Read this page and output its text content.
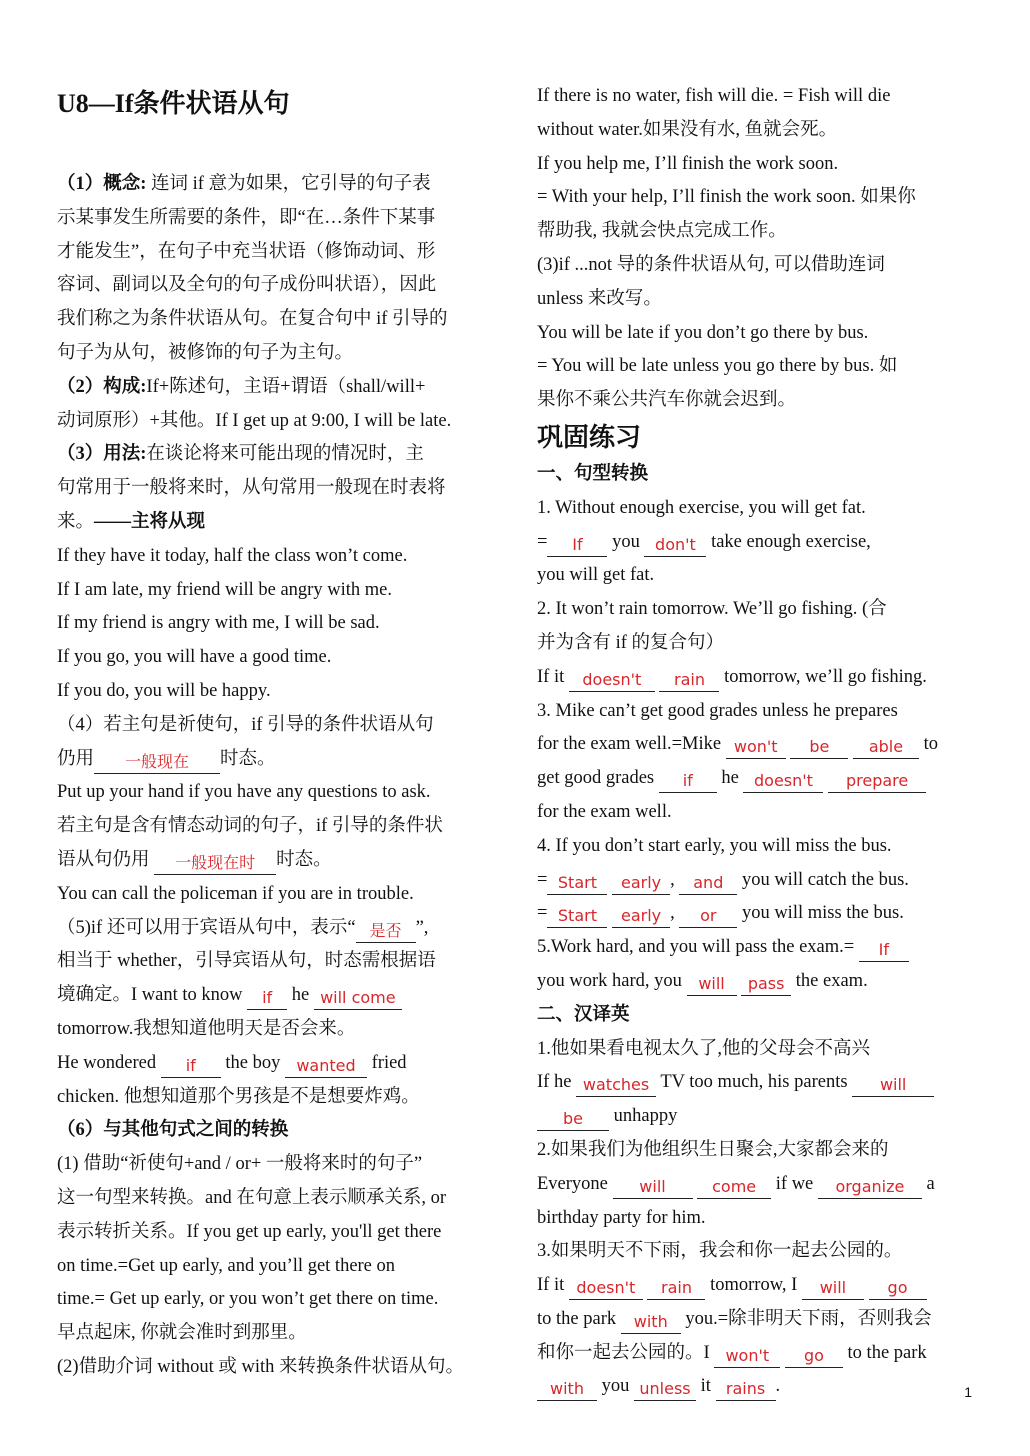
U8—If条件状语从句
（1）概念: 连词 if 意为如果，它引导的句子表
示某事发生所需要的条件，即“在…条件下某事
才能发生”，在句子中充当状语（修饰动词、形
容词、副词以及全句的句子成份叫状语），因此
我们称之为条件状语从句。在复合句中 if 引导的
句子为从句，被修饰的句子为主句。
（2）构成:If+陈述句，主语+谓语（shall/will+
动词原形）+其他。If I get up at 9:00, I will be late.
（3）用法:在谈论将来可能出现的情况时，主
句常用于一般将来时，从句常用一般现在时表将
来。——主将从现
If they have it today, half the class won’t come.
If I am late, my friend will be angry with me.
If my friend is angry with me, I will be sad.
If you go, you will have a good time.
If you do, you will be happy.
（4）若主句是祈使句，if 引导的条件状语从句
仍用 一般现在 时态。
Put up your hand if you have any questions to ask.
若主句是含有情态动词的句子，if 引导的条件状
语从句仍用 一般现在时 时态。
You can call the policeman if you are in trouble.
（5)if 还可以用于宾语从句中，表示“ 是否 ”,
相当于 whether，引导宾语从句，时态需根据语
境确定。I want to know if he will come
tomorrow.我想知道他明天是否会来。
He wondered if the boy wanted fried
chicken. 他想知道那个男孩是不是想要炸鸡。
（6）与其他句式之间的转换
(1) 借助“祈使句+and / or+ 一般将来时的句子”
这一句型来转换。and 在句意上表示顺承关系, or
表示转折关系。If you get up early, you'll get there
on time.=Get up early, and you’ll get there on
time.= Get up early, or you won’t get there on time.
早点起床, 你就会准时到那里。
(2)借助介词 without 或 with 来转换条件状语从句。
If there is no water, fish will die. = Fish will die
without water.如果没有水, 鱼就会死。
If you help me, I’ll finish the work soon.
= With your help, I’ll finish the work soon. 如果你
帮助我, 我就会快点完成工作。
(3)if ...not 导的条件状语从句, 可以借助连词
unless 来改写。
You will be late if you don’t go there by bus.
= You will be late unless you go there by bus. 如
果你不乘公共汽车你就会迟到。
巩固练习
一、句型转换
1. Without enough exercise, you will get fat.
= If you don't take enough exercise,
you will get fat.
2. It won’t rain tomorrow. We’ll go fishing. (合
并为含有 if 的复合句）
If it doesn't rain tomorrow, we’ll go fishing.
3. Mike can’t get good grades unless he prepares
for the exam well.=Mike won't be able to
get good grades if he doesn't prepare
for the exam well.
4. If you don’t start early, you will miss the bus.
= Start early , and you will catch the bus.
= Start early , or you will miss the bus.
5.Work hard, and you will pass the exam.= If
you work hard, you will pass the exam.
二、汉译英
1.他如果看电视太久了,他的父母会不高兴
If he watches TV too much, his parents will
be unhappy
2.如果我们为他组织生日聚会,大家都会来的
Everyone will	come if we organize a
birthday party for him.
3.如果明天不下雨，我会和你一起去公园的。
If it doesn't rain tomorrow, I will	go
to the park with you.=除非明天下雨，否则我会
和你一起去公园的。I won't go to the park
with you unless it rains .	1
